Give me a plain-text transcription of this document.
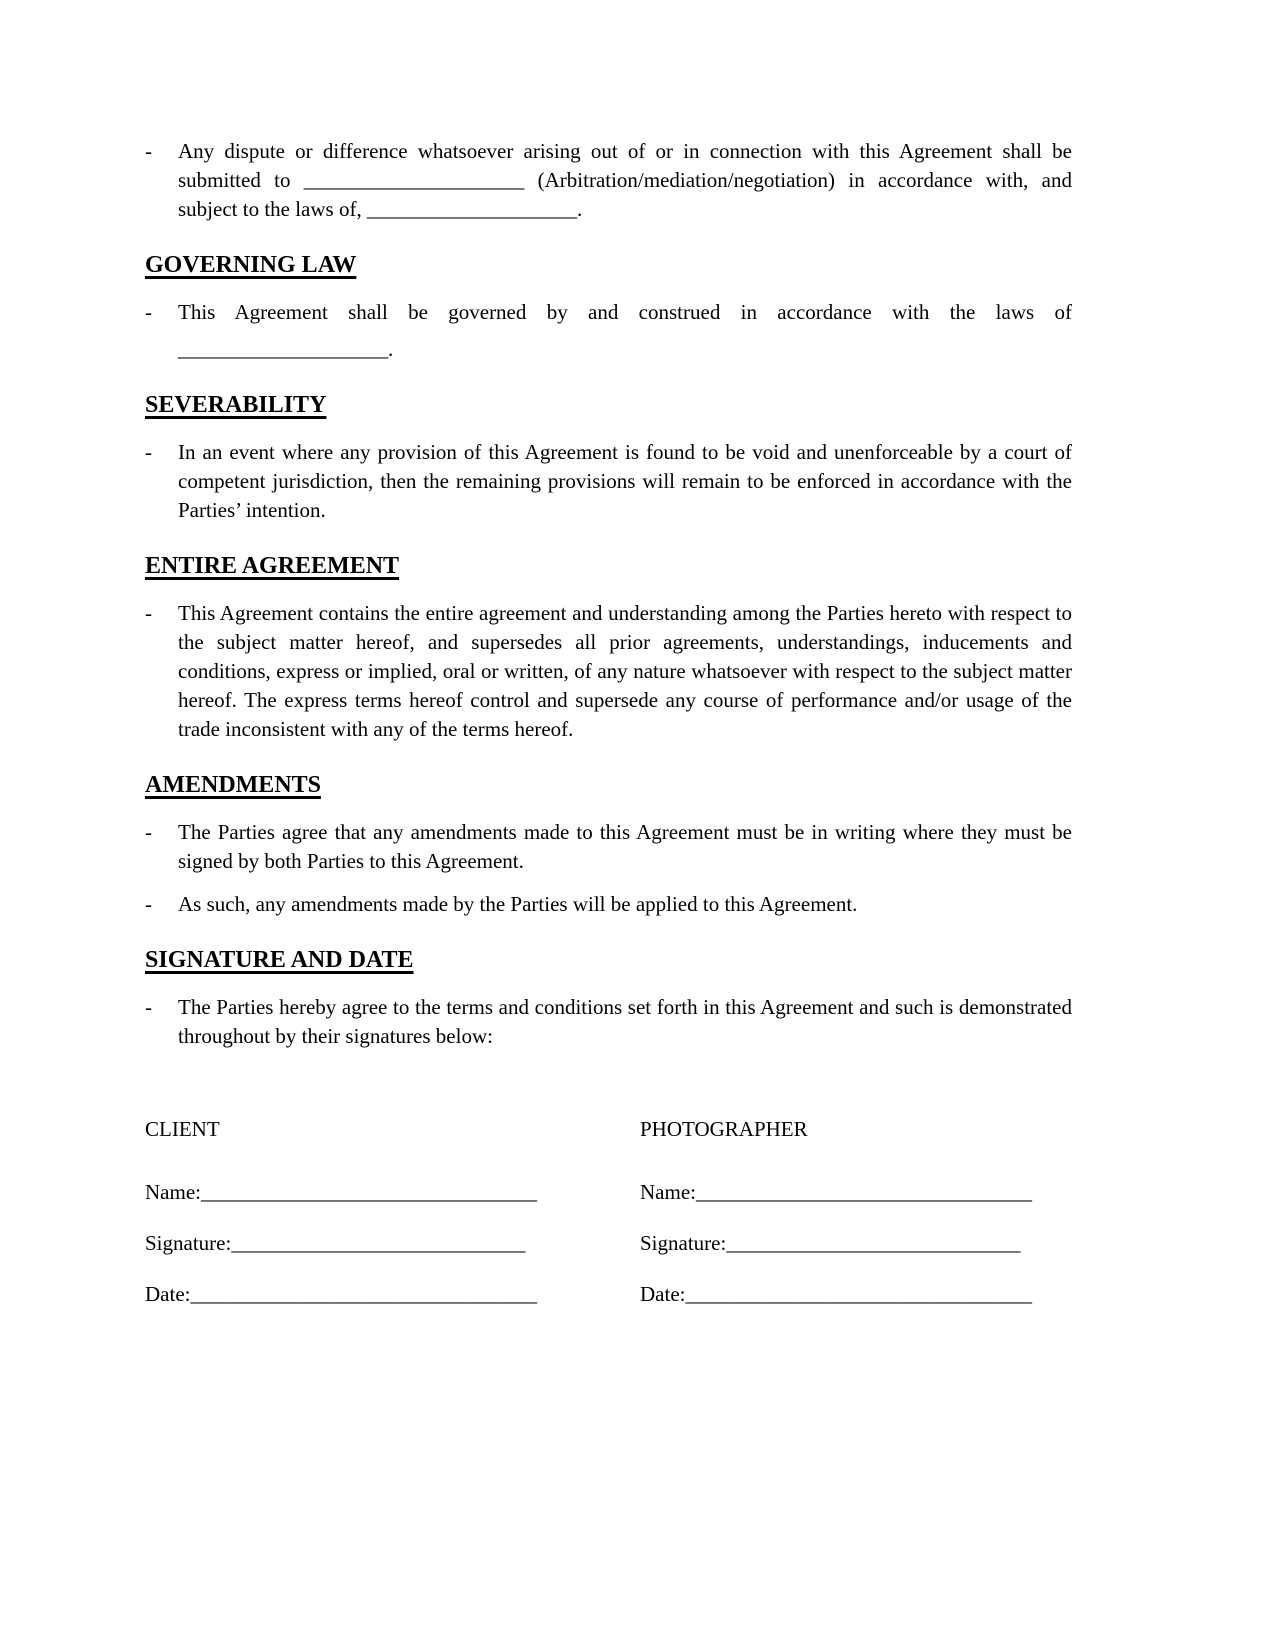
-	Any dispute or difference whatsoever arising out of or in connection with this Agreement shall be submitted to _____________________ (Arbitration/mediation/negotiation) in accordance with, and subject to the laws of, ____________________.
GOVERNING LAW
-	This Agreement shall be governed by and construed in accordance with the laws of
____________________.
SEVERABILITY
-	In an event where any provision of this Agreement is found to be void and unenforceable by a court of competent jurisdiction, then the remaining provisions will remain to be enforced in accordance with the Parties’ intention.
ENTIRE AGREEMENT
-	This Agreement contains the entire agreement and understanding among the Parties hereto with respect to the subject matter hereof, and supersedes all prior agreements, understandings, inducements and conditions, express or implied, oral or written, of any nature whatsoever with respect to the subject matter hereof. The express terms hereof control and supersede any course of performance and/or usage of the trade inconsistent with any of the terms hereof.
AMENDMENTS
-	The Parties agree that any amendments made to this Agreement must be in writing where they must be signed by both Parties to this Agreement.
-	As such, any amendments made by the Parties will be applied to this Agreement.
SIGNATURE AND DATE
-	The Parties hereby agree to the terms and conditions set forth in this Agreement and such is demonstrated throughout by their signatures below:
CLIENT
Name:________________________________
Signature:____________________________
Date:_________________________________
PHOTOGRAPHER
Name:________________________________
Signature:____________________________
Date:_________________________________
